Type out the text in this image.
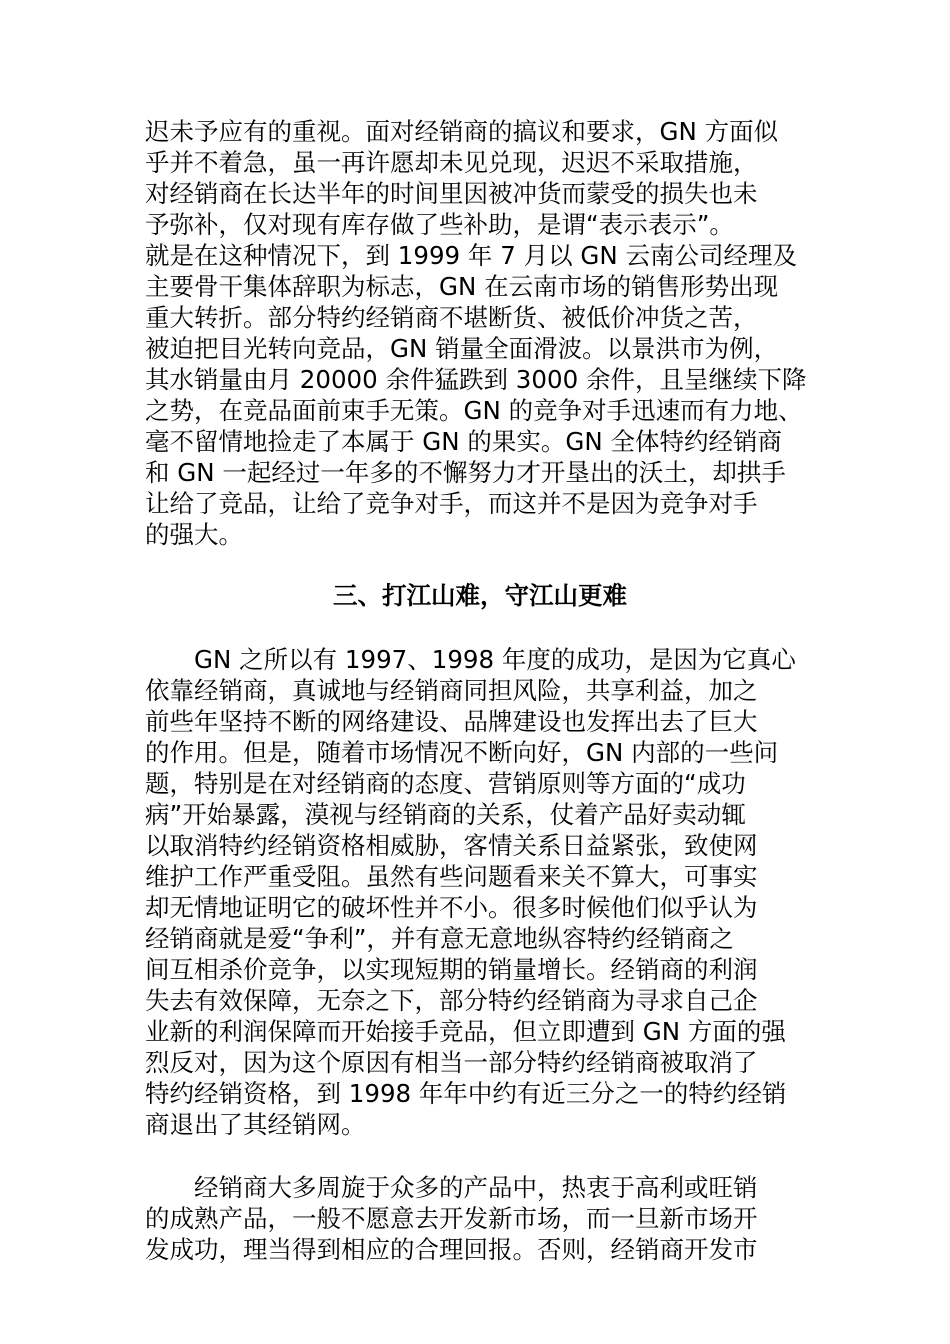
迟未予应有的重视。面对经销商的搞议和要求，GN 方面似
乎并不着急，虽一再许愿却未见兑现，迟迟不采取措施，
对经销商在长达半年的时间里因被冲货而蒙受的损失也未
予弥补，仅对现有库存做了些补助，是谓“表示表示”。
就是在这种情况下，到 1999 年 7 月以 GN 云南公司经理及
主要骨干集体辞职为标志，GN 在云南市场的销售形势出现
重大转折。部分特约经销商不堪断货、被低价冲货之苦，
被迫把目光转向竞品，GN 销量全面滑波。以景洪市为例，
其水销量由月 20000 余件猛跌到 3000 余件，且呈继续下降
之势，在竞品面前束手无策。GN 的竞争对手迅速而有力地、
毫不留情地捡走了本属于 GN 的果实。GN 全体特约经销商
和 GN 一起经过一年多的不懈努力才开垦出的沃土，却拱手
让给了竞品，让给了竞争对手，而这并不是因为竞争对手
的强大。
三、打江山难，守江山更难
　　GN 之所以有 1997、1998 年度的成功，是因为它真心
依靠经销商，真诚地与经销商同担风险，共享利益，加之
前些年坚持不断的网络建设、品牌建设也发挥出去了巨大
的作用。但是，随着市场情况不断向好，GN 内部的一些问
题，特别是在对经销商的态度、营销原则等方面的“成功
病”开始暴露，漠视与经销商的关系，仗着产品好卖动辄
以取消特约经销资格相威胁，客情关系日益紧张，致使网
维护工作严重受阻。虽然有些问题看来关不算大，可事实
却无情地证明它的破坏性并不小。很多时候他们似乎认为
经销商就是爱“争利”，并有意无意地纵容特约经销商之
间互相杀价竞争，以实现短期的销量增长。经销商的利润
失去有效保障，无奈之下，部分特约经销商为寻求自己企
业新的利润保障而开始接手竞品，但立即遭到 GN 方面的强
烈反对，因为这个原因有相当一部分特约经销商被取消了
特约经销资格，到 1998 年年中约有近三分之一的特约经销
商退出了其经销网。
　　经销商大多周旋于众多的产品中，热衷于高利或旺销
的成熟产品，一般不愿意去开发新市场，而一旦新市场开
发成功，理当得到相应的合理回报。否则，经销商开发市
